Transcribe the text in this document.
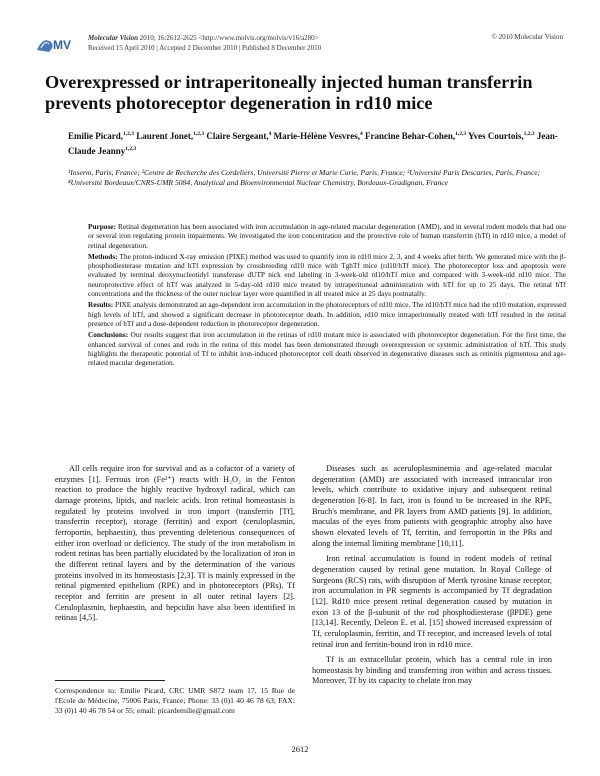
MV Molecular Vision 2010; 16:2612-2625 <http://www.molvis.org/molvis/v16/a280>
Received 15 April 2010 | Accepted 2 December 2010 | Published 8 December 2010
© 2010 Molecular Vision
Overexpressed or intraperitoneally injected human transferrin prevents photoreceptor degeneration in rd10 mice
Emilie Picard,$^{1,2,3}$ Laurent Jonet,$^{1,2,3}$ Claire Sergeant,$^4$ Marie-Hélène Vesvres,$^4$ Francine Behar-Cohen,$^{1,2,3}$ Yves Courtois,$^{1,2,3}$ Jean-Claude Jeanny$^{1,2,3}$
¹Inserm, Paris, France; ²Centre de Recherche des Cordeliers, Université Pierre et Marie Curie, Paris, France; ³Université Paris Descartes, Paris, France; ⁴Université Bordeaux/CNRS-UMR 5084, Analytical and Bioenvironmental Nuclear Chemistry, Bordeaux-Gradignan, France

Purpose: Retinal degeneration has been associated with iron accumulation in age-related macular degeneration (AMD), and in several rodent models that had one or several iron regulating protein impairments. We investigated the iron concentration and the protective role of human transferrin (hTf) in rd10 mice, a model of retinal degeneration.

Methods: The proton-induced X-ray emission (PIXE) method was used to quantify iron in rd10 mice 2, 3, and 4 weeks after birth. We generated mice with the β-phosphodiesterase mutation and hTf expression by crossbreeding rd10 mice with TghTf mice (rd10/hTf mice). The photoreceptor loss and apoptosis were evaluated by terminal deoxynucleotidyl transferase dUTP nick end labeling in 3-week-old rd10/hTf mice and compared with 3-week-old rd10 mice. The neuroprotective effect of hTf was analyzed in 5-day-old rd10 mice treated by intraperitoneal administration with hTf for up to 25 days. The retinal hTf concentrations and the thickness of the outer nuclear layer were quantified in all treated mice at 25 days postnatally.

Results: PIXE analysis demonstrated an age-dependent iron accumulation in the photoreceptors of rd10 mice. The rd10/hTf mice had the rd10 mutation, expressed high levels of hTf, and showed a significant decrease in photoreceptor death. In addition, rd10 mice intraperitoneally treated with hTf resulted in the retinal presence of hTf and a dose-dependent reduction in photoreceptor degeneration.

Conclusions: Our results suggest that iron accumulation in the retinas of rd10 mutant mice is associated with photoreceptor degeneration. For the first time, the enhanced survival of cones and rods in the retina of this model has been demonstrated through overexpression or systemic administration of hTf. This study highlights the therapeutic potential of Tf to inhibit iron-induced photoreceptor cell death observed in degenerative diseases such as retinitis pigmentosa and age-related macular degeneration.

All cells require iron for survival and as a cofactor of a variety of enzymes [1]. Ferrous iron (Fe²⁺) reacts with H₂O₂ in the Fenton reaction to produce the highly reactive hydroxyl radical, which can damage proteins, lipids, and nucleic acids. Iron retinal homeostasis is regulated by proteins involved in iron import (transferrin [Tf], transferrin receptor), storage (ferritin) and export (ceruloplasmin, ferroportin, hephaestin), thus preventing deleterious consequences of either iron overload or deficiency. The study of the iron metabolism in rodent retinas has been partially elucidated by the localization of iron in the different retinal layers and by the determination of the various proteins involved in its homeostasis [2,3]. Tf is mainly expressed in the retinal pigmented epithelium (RPE) and in photoreceptors (PRs). Tf receptor and ferritin are present in all outer retinal layers [2]. Ceruloplasmin, hephaestin, and hepcidin have also been identified in retinas [4,5].

Diseases such as aceruloplasminemia and age-related macular degeneration (AMD) are associated with increased intraocular iron levels, which contribute to oxidative injury and subsequent retinal degeneration [6-8]. In fact, iron is found to be increased in the RPE, Bruch's membrane, and PR layers from AMD patients [9]. In addition, maculas of the eyes from patients with geographic atrophy also have shown elevated levels of Tf, ferritin, and ferroportin in the PRs and along the internal limiting membrane [10,11].

Iron retinal accumulation is found in rodent models of retinal degeneration caused by retinal gene mutation. In Royal College of Surgeons (RCS) rats, with disruption of Mertk tyrosine kinase receptor, iron accumulation in PR segments is accompanied by Tf degradation [12]. Rd10 mice present retinal degeneration caused by mutation in exon 13 of the β-subunit of the rod phosphodiesterase (βPDE) gene [13,14]. Recently, Deleon E. et al. [15] showed increased expression of Tf, ceruloplasmin, ferritin, and Tf receptor, and increased levels of total retinal iron and ferritin-bound iron in rd10 mice.

Tf is an extracellular protein, which has a central role in iron homeostasis by binding and transferring iron within and across tissues. Moreover, Tf by its capacity to chelate iron may

Correspondence to: Emilie Picard, CRC UMR S872 team 17, 15 Rue de l'Ecole de Médecine, 75006 Paris, France; Phone: 33 (0)1 40 46 78 63; FAX: 33 (0)1 40 46 78 54 or 55; email: picardemilie@gmail.com
2612
